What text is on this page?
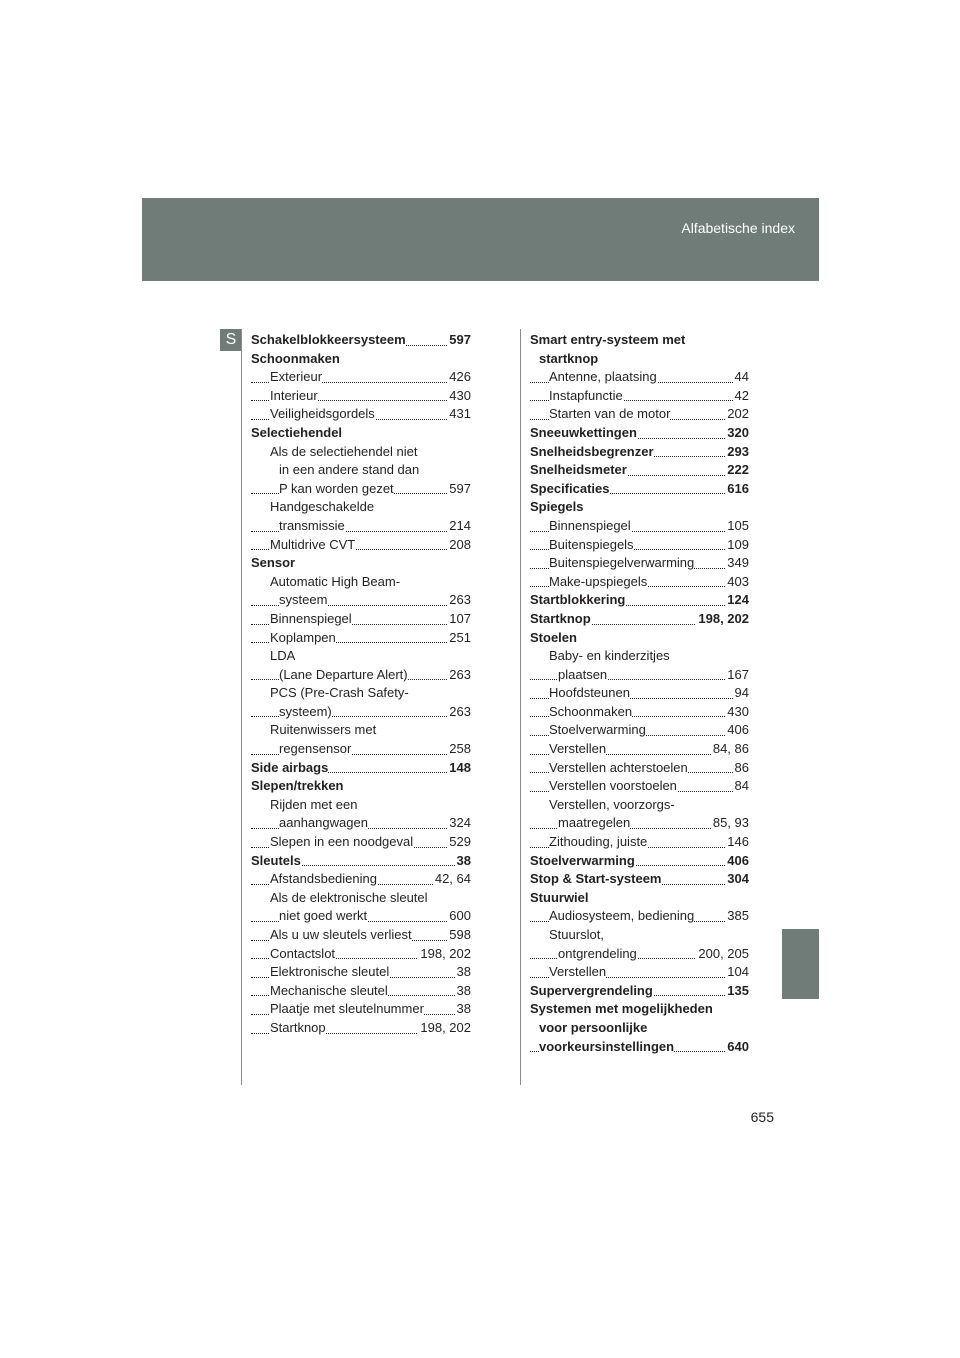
Alfabetische index
S	Schakelblokkeersysteem	597
Schoonmaken
Exterieur	426
Interieur	430
Veiligheidsgordels	431
Selectiehendel
Als de selectiehendel niet
in een andere stand dan
P kan worden gezet	597
Handgeschakelde
transmissie	214
Multidrive CVT	208
Sensor
Automatic High Beam-
systeem	263
Binnenspiegel	107
Koplampen	251
LDA
(Lane Departure Alert)	263
PCS (Pre-Crash Safety-
systeem)	263
Ruitenwissers met
regensensor	258
Side airbags	148
Slepen/trekken
Rijden met een
aanhangwagen	324
Slepen in een noodgeval	529
Sleutels	38
Afstandsbediening	42, 64
Als de elektronische sleutel
niet goed werkt	600
Als u uw sleutels verliest	598
Contactslot	198, 202
Elektronische sleutel	38
Mechanische sleutel	38
Plaatje met sleutelnummer	38
Startknop	198, 202
Smart entry-systeem met
startknop
Antenne, plaatsing	44
Instapfunctie	42
Starten van de motor	202
Sneeuwkettingen	320
Snelheidsbegrenzer	293
Snelheidsmeter	222
Specificaties	616
Spiegels
Binnenspiegel	105
Buitenspiegels	109
Buitenspiegelverwarming	349
Make-upspiegels	403
Startblokkering	124
Startknop	198, 202
Stoelen
Baby- en kinderzitjes
plaatsen	167
Hoofdsteunen	94
Schoonmaken	430
Stoelverwarming	406
Verstellen	84, 86
Verstellen achterstoelen	86
Verstellen voorstoelen	84
Verstellen, voorzorgs-
maatregelen	85, 93
Zithouding, juiste	146
Stoelverwarming	406
Stop & Start-systeem	304
Stuurwiel
Audiosysteem, bediening	385
Stuurslot,
ontgrendeling	200, 205
Verstellen	104
Supervergrendeling	135
Systemen met mogelijkheden
voor persoonlijke
voorkeursinstellingen	640
655
